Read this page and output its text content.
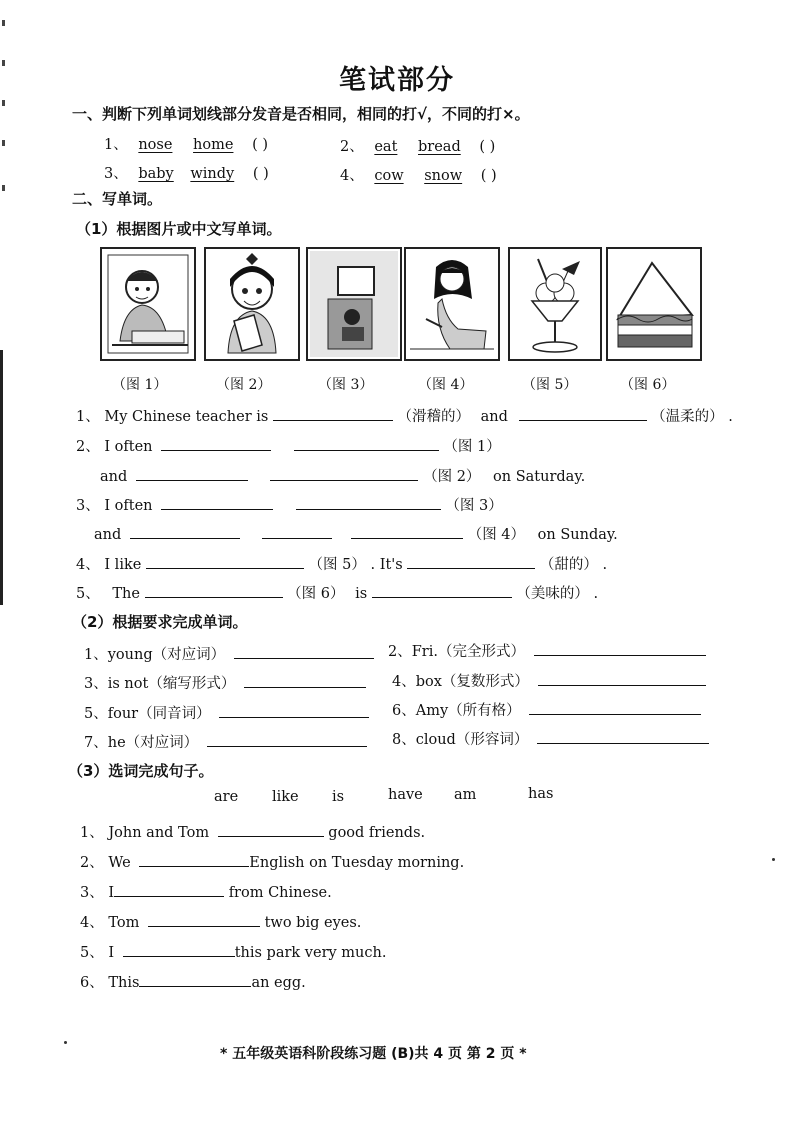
笔试部分
一、判断下列单词划线部分发音是否相同，相同的打√，不同的打×。
1、 nose home ( )	2、 eat bread ( )
3、 baby windy ( )	4、 cow snow ( )
二、写单词。
（1）根据图片或中文写单词。
（图 1）	（图 2）	（图 3）	（图 4）	（图 5）	（图 6）
1、 My Chinese teacher is	（滑稽的） and	（温柔的） .
2、 I often	（图 1）
and	（图 2） on Saturday.
3、 I often	（图 3）
and	（图 4） on Sunday.
4、 I like	（图 5） . It's	（甜的） .
5、 The	（图 6） is	（美味的） .
（2）根据要求完成单词。
1、young（对应词）	2、Fri.（完全形式）
3、is not（缩写形式）	4、box（复数形式）
5、four（同音词）	6、Amy（所有格）
7、he（对应词）	8、cloud（形容词）
（3）选词完成句子。
are like is	have am	has
1、 John and Tom	good friends.
2、 We	English on Tuesday morning.
3、 I	from Chinese.
4、 Tom	two big eyes.
5、 I	this park very much.
6、 This	an egg.
* 五年级英语科阶段练习题 (B)共 4 页 第 2 页 *
